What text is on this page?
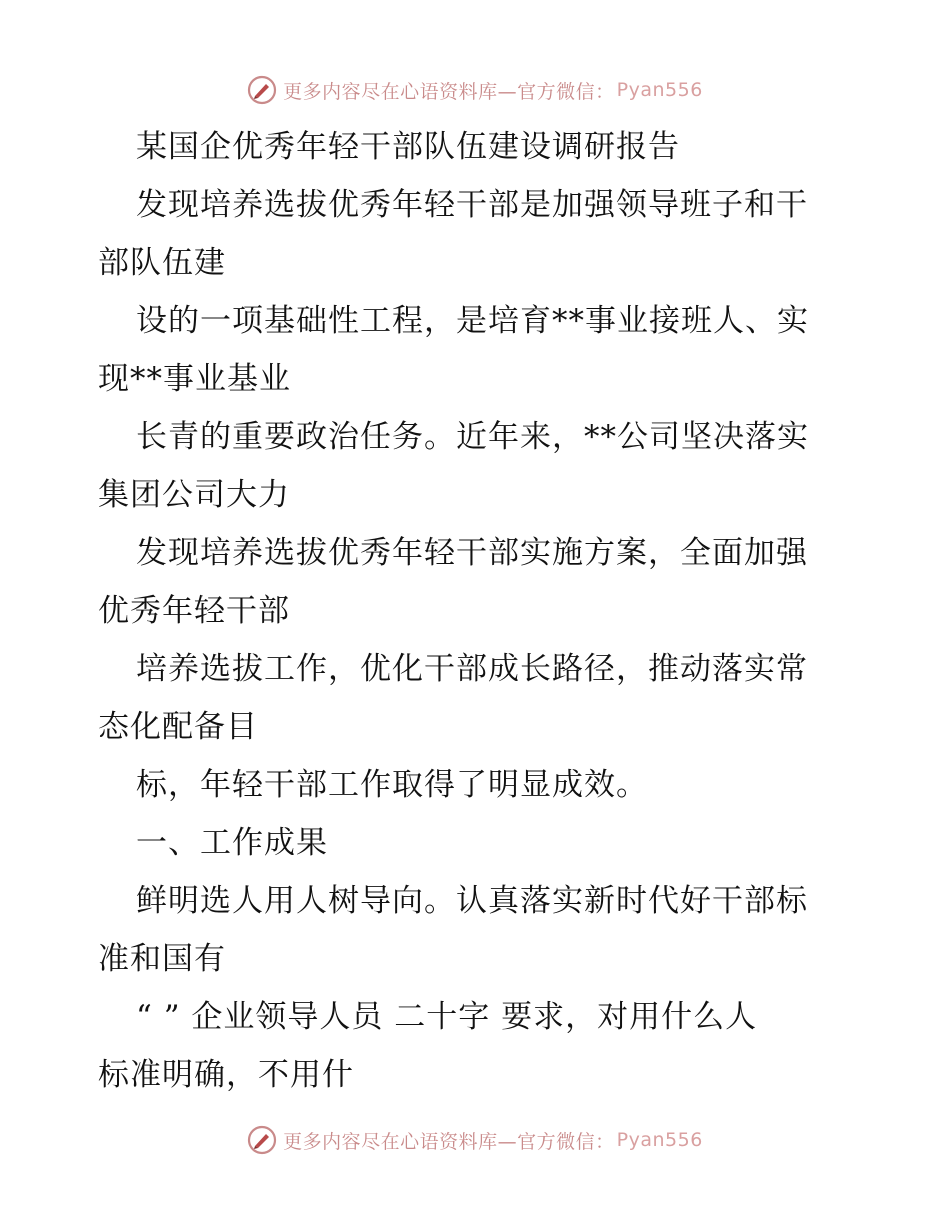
更多内容尽在心语资料库—官方微信： Pyan556
某国企优秀年轻干部队伍建设调研报告
发现培养选拔优秀年轻干部是加强领导班子和干
部队伍建
设的一项基础性工程，是培育**事业接班人、实
现**事业基业
长青的重要政治任务。近年来，**公司坚决落实
集团公司大力
发现培养选拔优秀年轻干部实施方案，全面加强
优秀年轻干部
培养选拔工作，优化干部成长路径，推动落实常
态化配备目
标，年轻干部工作取得了明显成效。
一、工作成果
鲜明选人用人树导向。认真落实新时代好干部标
准和国有
“ ” 企业领导人员 二十字 要求，对用什么人
标准明确，不用什
更多内容尽在心语资料库—官方微信： Pyan556
